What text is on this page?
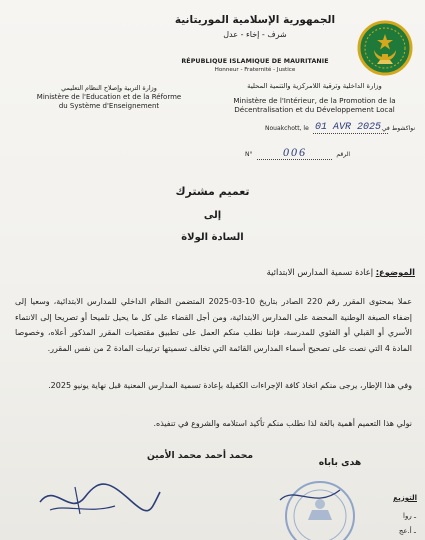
الجمهورية الإسلامية الموريتانية
شرف - إخاء - عدل
RÉPUBLIQUE ISLAMIQUE DE MAURITANIE
Honneur - Fraternité - Justice
وزارة التربية وإصلاح النظام التعليمي
Ministère de l'Education et de la Réforme
du Système d'Enseignement
وزارة الداخلية وترقية اللامركزية والتنمية المحلية
Ministère de l'Intérieur, de la Promotion de la
Décentralisation et du Développement Local
Nouakchott, le 01 AVR 2025 نواكشوط في
N°	006	الرقم
تعميم مشترك
إلى
السادة الولاة
الموضوع: إعادة تسمية المدارس الابتدائية
عملا بمحتوى المقرر رقم 220 الصادر بتاريخ 10-03-2025 المتضمن النظام الداخلي للمدارس الابتدائية، وسعيا إلى إضفاء الصبغة الوطنية المحضة على المدارس الابتدائية، ومن أجل القضاء على كل ما يحيل تلميحا أو تصريحا إلى الانتماء الأسري أو القبلي أو الفئوي للمدرسة، فإننا نطلب منكم العمل على تطبيق مقتضيات المقرر المذكور أعلاه، وخصوصا المادة 4 التي نصت على تصحيح أسماء المدارس القائمة التي تخالف تسميتها ترتيبات المادة 2 من نفس المقرر.
وفي هذا الإطار، يرجى منكم اتخاذ كافة الإجراءات الكفيلة بإعادة تسمية المدارس المعنية قبل نهاية يونيو 2025.
نولي هذا التعميم أهمية بالغة لذا نطلب منكم تأكيد استلامه والشروع في تنفيذه.
محمد أحمد محمد الأمين
هدى باباه
التوزيع
ـ روا
ـ أ.عج
